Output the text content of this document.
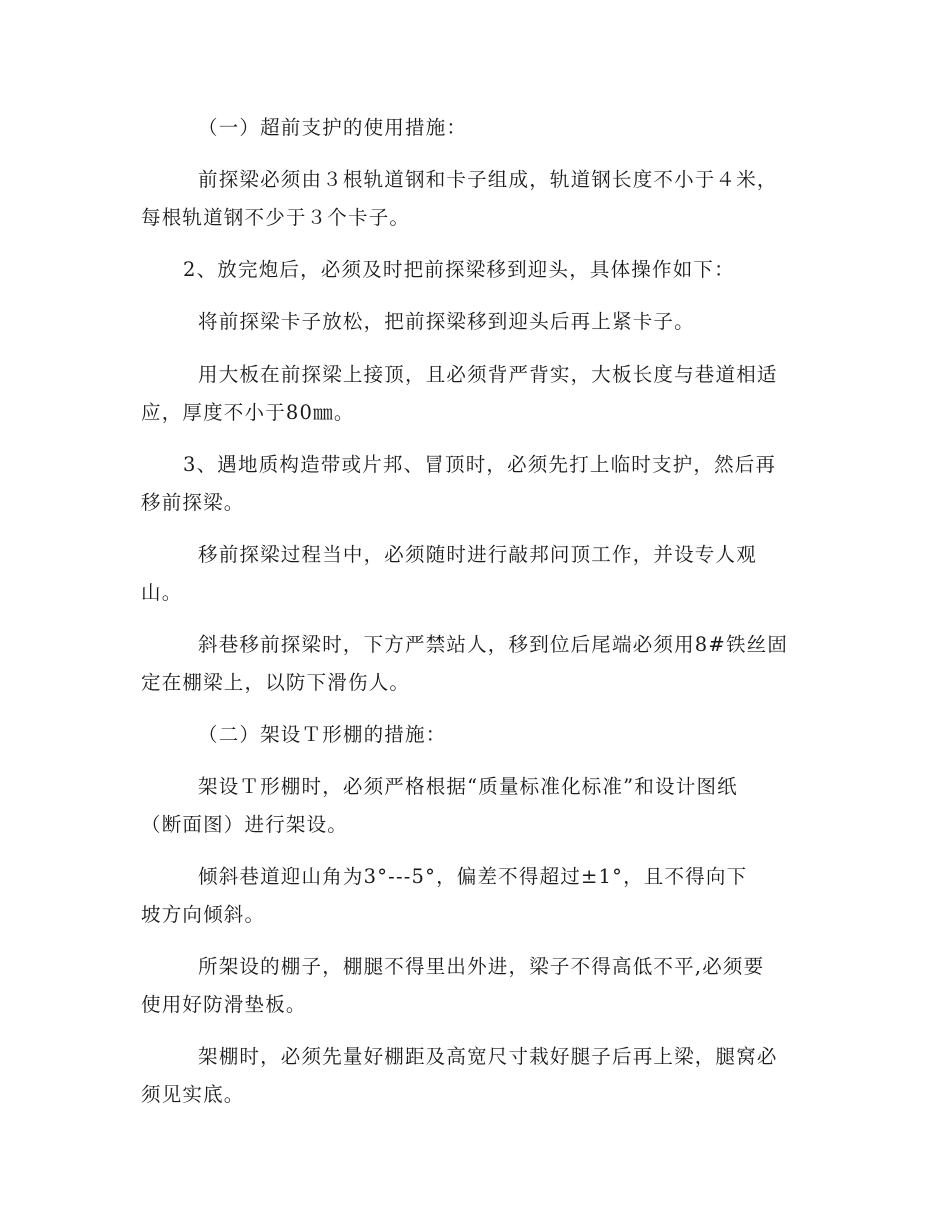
（一）超前支护的使用措施：
前探梁必须由３根轨道钢和卡子组成，轨道钢长度不小于４米，
每根轨道钢不少于３个卡子。
2、放完炮后，必须及时把前探梁移到迎头，具体操作如下：
将前探梁卡子放松，把前探梁移到迎头后再上紧卡子。
用大板在前探梁上接顶，且必须背严背实，大板长度与巷道相适
应，厚度不小于80㎜。
3、遇地质构造带或片邦、冒顶时，必须先打上临时支护，然后再
移前探梁。
移前探梁过程当中，必须随时进行敲邦问顶工作，并设专人观
山。
斜巷移前探梁时，下方严禁站人，移到位后尾端必须用8#铁丝固
定在棚梁上，以防下滑伤人。
（二）架设Ｔ形棚的措施：
架设Ｔ形棚时，必须严格根据“质量标准化标准”和设计图纸
（断面图）进行架设。
倾斜巷道迎山角为3°---5°，偏差不得超过±1°，且不得向下
坡方向倾斜。
所架设的棚子，棚腿不得里出外进，梁子不得高低不平,必须要
使用好防滑垫板。
架棚时，必须先量好棚距及高宽尺寸栽好腿子后再上梁，腿窝必
须见实底。
